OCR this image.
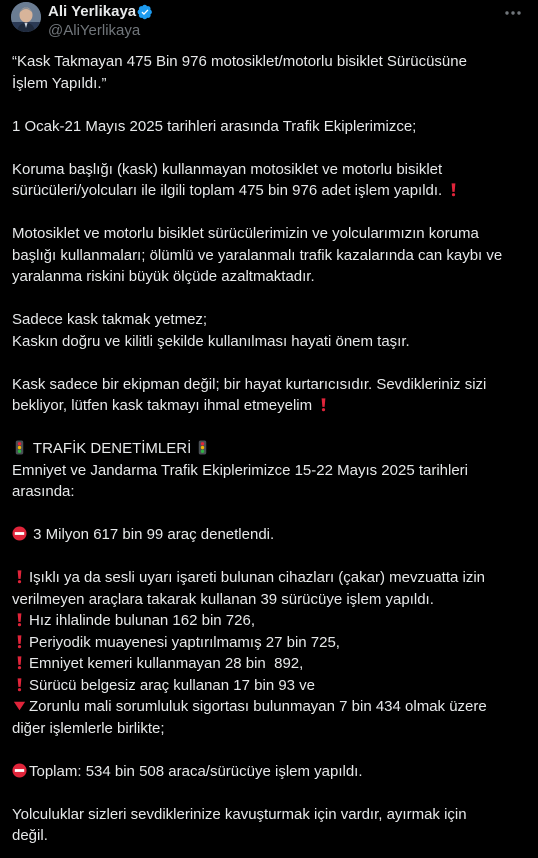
Ali Yerlikaya
@AliYerlikaya

“Kask Takmayan 475 Bin 976 motosiklet/motorlu bisiklet Sürücüsüne

İşlem Yapıldı.”

1 Ocak-21 Mayıs 2025 tarihleri arasında Trafik Ekiplerimizce;

Koruma başlığı (kask) kullanmayan motosiklet ve motorlu bisiklet

sürücüleri/yolcuları ile ilgili toplam 475 bin 976 adet işlem yapıldı.

Motosiklet ve motorlu bisiklet sürücülerimizin ve yolcularımızın koruma

başlığı kullanmaları; ölümlü ve yaralanmalı trafik kazalarında can kaybı ve

yaralanma riskini büyük ölçüde azaltmaktadır.

Sadece kask takmak yetmez;

Kaskın doğru ve kilitli şekilde kullanılması hayati önem taşır.

Kask sadece bir ekipman değil; bir hayat kurtarıcısıdır. Sevdikleriniz sizi

bekliyor, lütfen kask takmayı ihmal etmeyelim

TRAFİK DENETİMLERİ

Emniyet ve Jandarma Trafik Ekiplerimizce 15-22 Mayıs 2025 tarihleri

arasında:

3 Milyon 617 bin 99 araç denetlendi.

Işıklı ya da sesli uyarı işareti bulunan cihazları (çakar) mevzuatta izin

verilmeyen araçlara takarak kullanan 39 sürücüye işlem yapıldı.

Hız ihlalinde bulunan 162 bin 726,

Periyodik muayenesi yaptırılmamış 27 bin 725,

Emniyet kemeri kullanmayan 28 bin  892,

Sürücü belgesiz araç kullanan 17 bin 93 ve

Zorunlu mali sorumluluk sigortası bulunmayan 7 bin 434 olmak üzere

diğer işlemlerle birlikte;

Toplam: 534 bin 508 araca/sürücüye işlem yapıldı.

Yolculuklar sizleri sevdiklerinize kavuşturmak için vardır, ayırmak için

değil.
